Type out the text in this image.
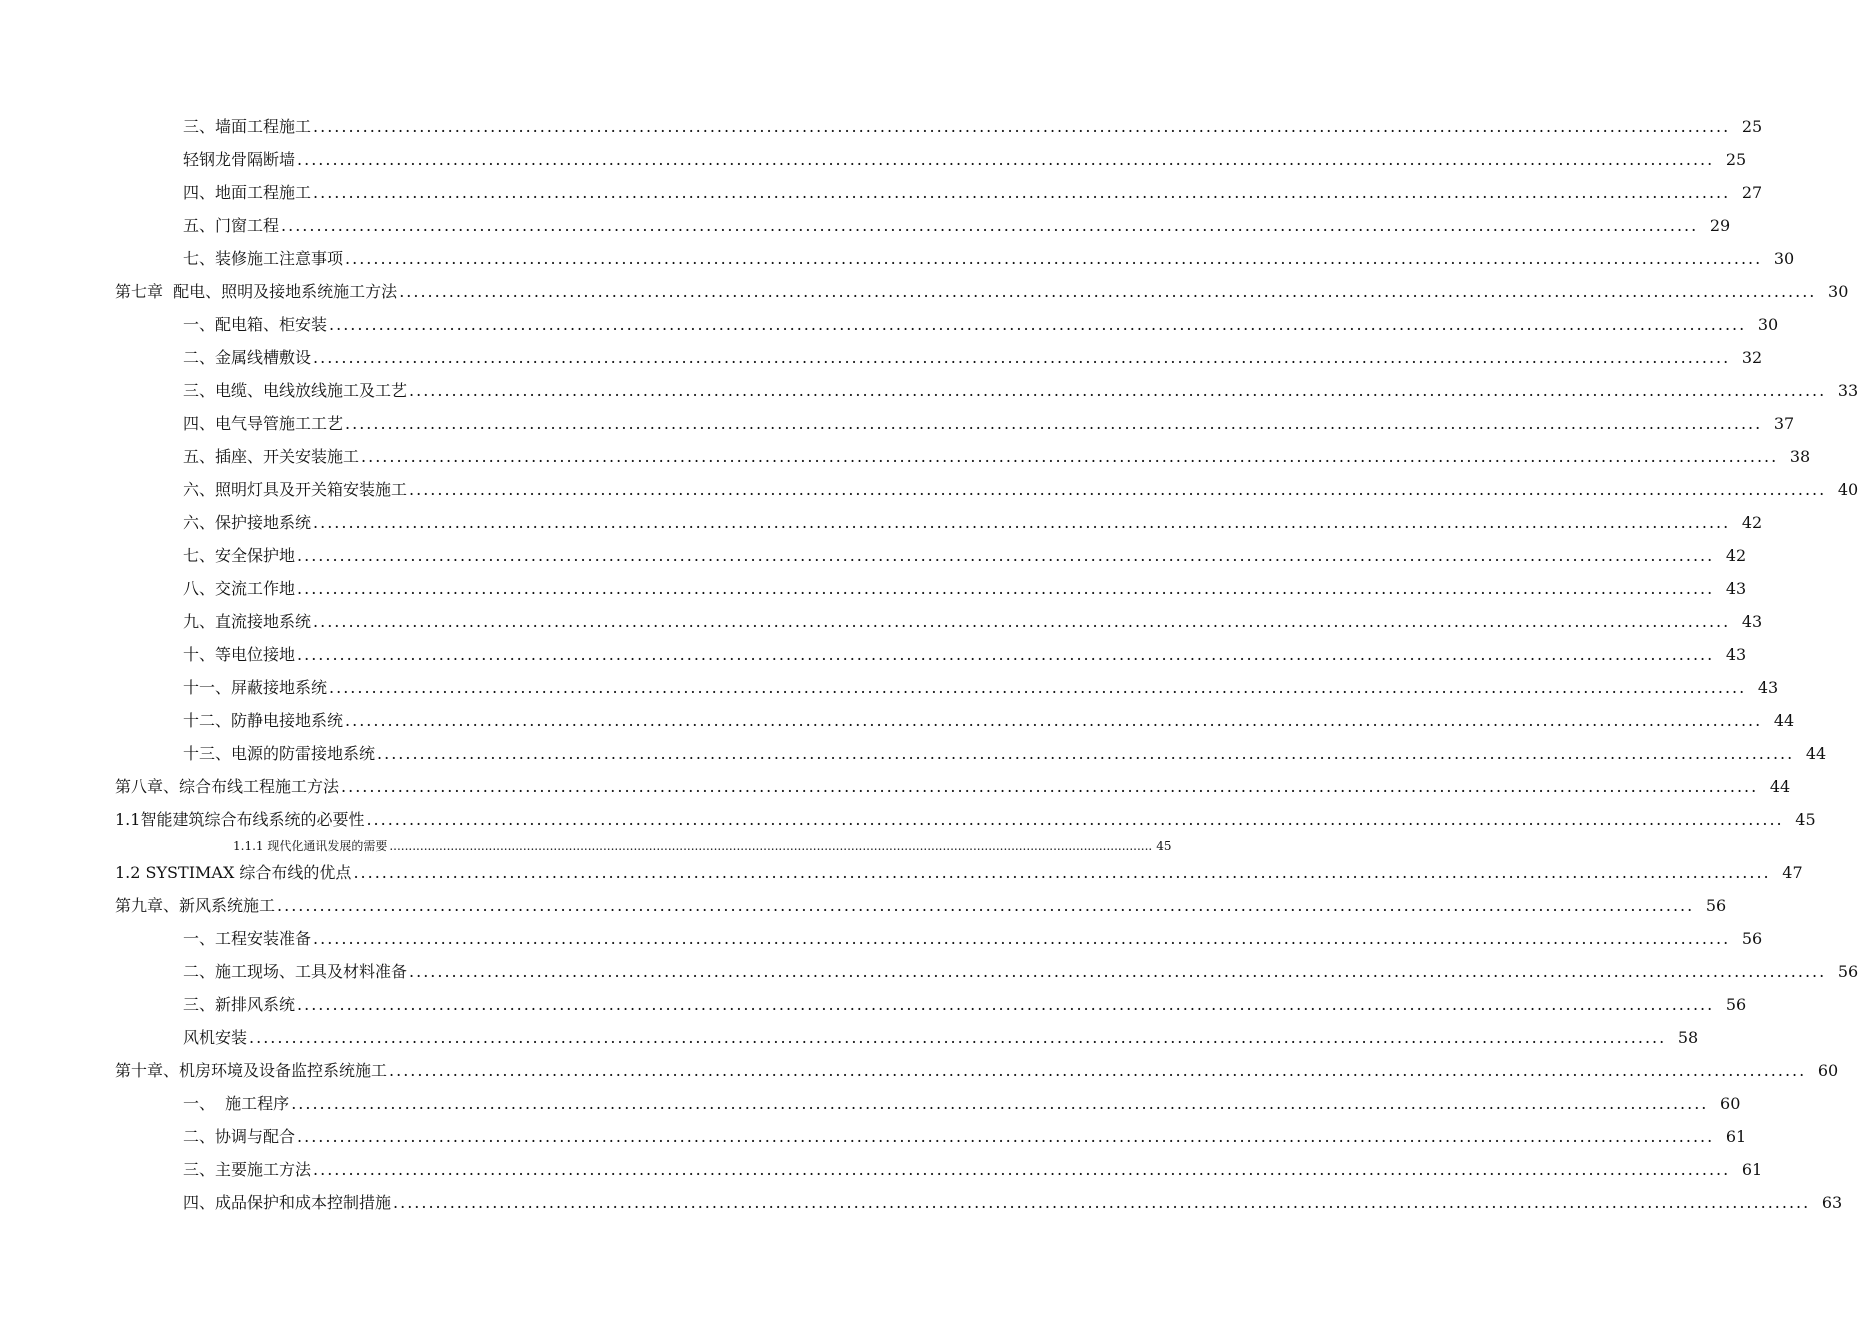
三、墙面工程施工 ........................................................................................................................................................................................................ 25
轻钢龙骨隔断墙 ........................................................................................................................................................................................................ 25
四、地面工程施工 ........................................................................................................................................................................................................ 27
五、门窗工程 ........................................................................................................................................................................................................ 29
七、装修施工注意事项 ........................................................................................................................................................................................................ 30
第七章  配电、照明及接地系统施工方法 ........................................................................................................................................................................................................ 30
一、配电箱、柜安装 ........................................................................................................................................................................................................ 30
二、金属线槽敷设 ........................................................................................................................................................................................................ 32
三、电缆、电线放线施工及工艺 ........................................................................................................................................................................................................ 33
四、电气导管施工工艺 ........................................................................................................................................................................................................ 37
五、插座、开关安装施工 ........................................................................................................................................................................................................ 38
六、照明灯具及开关箱安装施工 ........................................................................................................................................................................................................ 40
六、保护接地系统 ........................................................................................................................................................................................................ 42
七、安全保护地 ........................................................................................................................................................................................................ 42
八、交流工作地 ........................................................................................................................................................................................................ 43
九、直流接地系统 ........................................................................................................................................................................................................ 43
十、等电位接地 ........................................................................................................................................................................................................ 43
十一、屏蔽接地系统 ........................................................................................................................................................................................................ 43
十二、防静电接地系统 ........................................................................................................................................................................................................ 44
十三、电源的防雷接地系统 ........................................................................................................................................................................................................ 44
第八章、综合布线工程施工方法 ........................................................................................................................................................................................................ 44
1.1智能建筑综合布线系统的必要性 ........................................................................................................................................................................................................ 45
1.1.1 现代化通讯发展的需要 ........................................................................................................................................................................................................ 45
1.2 SYSTIMAX 综合布线的优点 ........................................................................................................................................................................................................ 47
第九章、新风系统施工 ........................................................................................................................................................................................................ 56
一、工程安装准备 ........................................................................................................................................................................................................ 56
二、施工现场、工具及材料准备 ........................................................................................................................................................................................................ 56
三、新排风系统 ........................................................................................................................................................................................................ 56
风机安装 ........................................................................................................................................................................................................ 58
第十章、机房环境及设备监控系统施工 ........................................................................................................................................................................................................ 60
一、  施工程序 ........................................................................................................................................................................................................ 60
二、协调与配合 ........................................................................................................................................................................................................ 61
三、主要施工方法 ........................................................................................................................................................................................................ 61
四、成品保护和成本控制措施 ........................................................................................................................................................................................................ 63
